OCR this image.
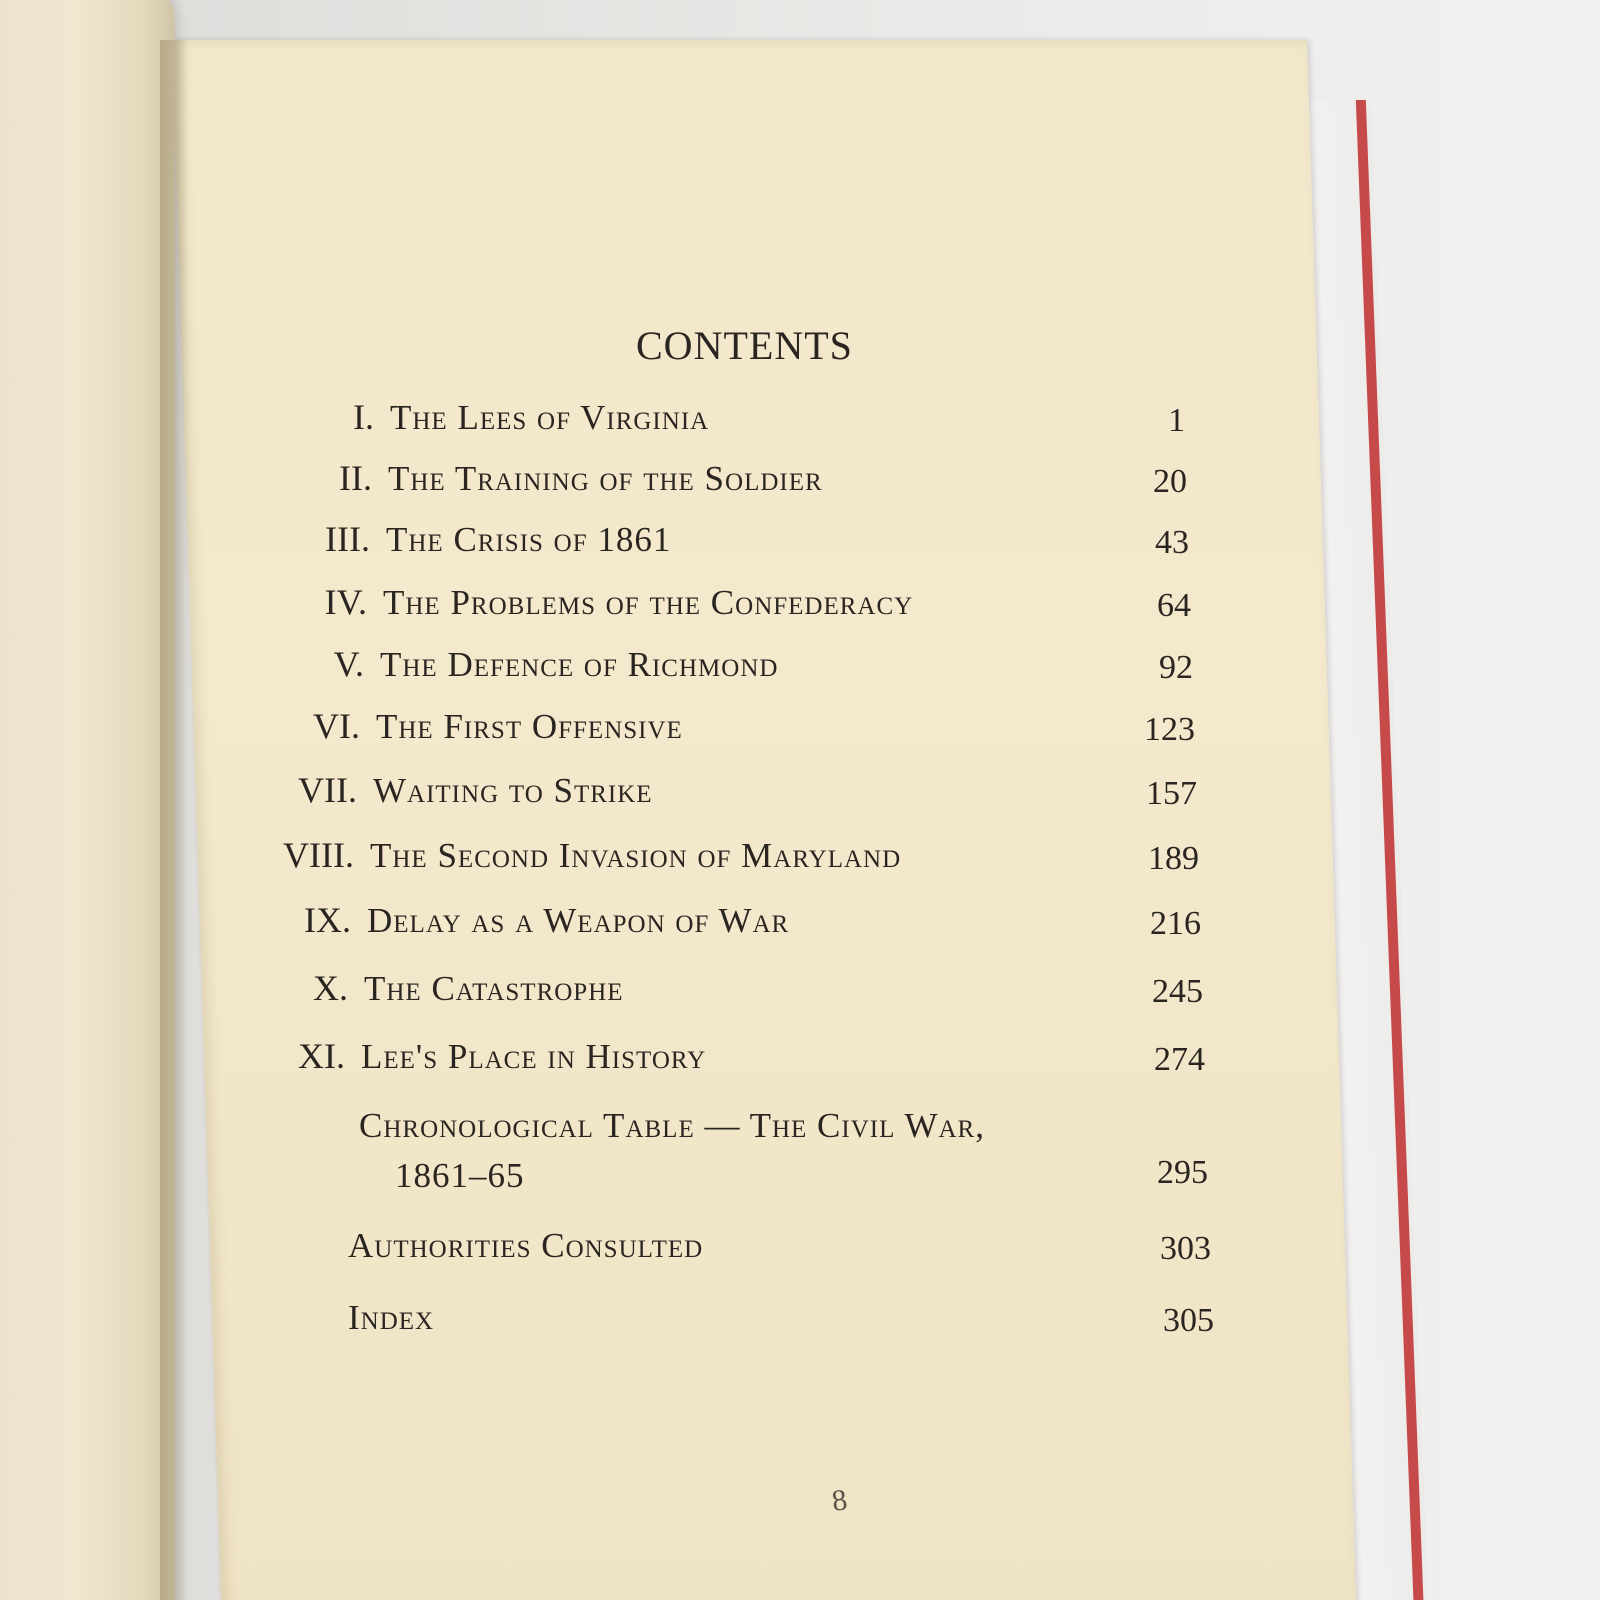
CONTENTS
I. The Lees of Virginia	1
II. The Training of the Soldier	20
III. The Crisis of 1861	43
IV. The Problems of the Confederacy	64
V. The Defence of Richmond	92
VI. The First Offensive	123
VII. Waiting to Strike	157
VIII. The Second Invasion of Maryland	189
IX. Delay as a Weapon of War	216
X. The Catastrophe	245
XI. Lee's Place in History	274
Chronological Table — The Civil War,
1861–65	295
Authorities Consulted	303
Index	305
8
